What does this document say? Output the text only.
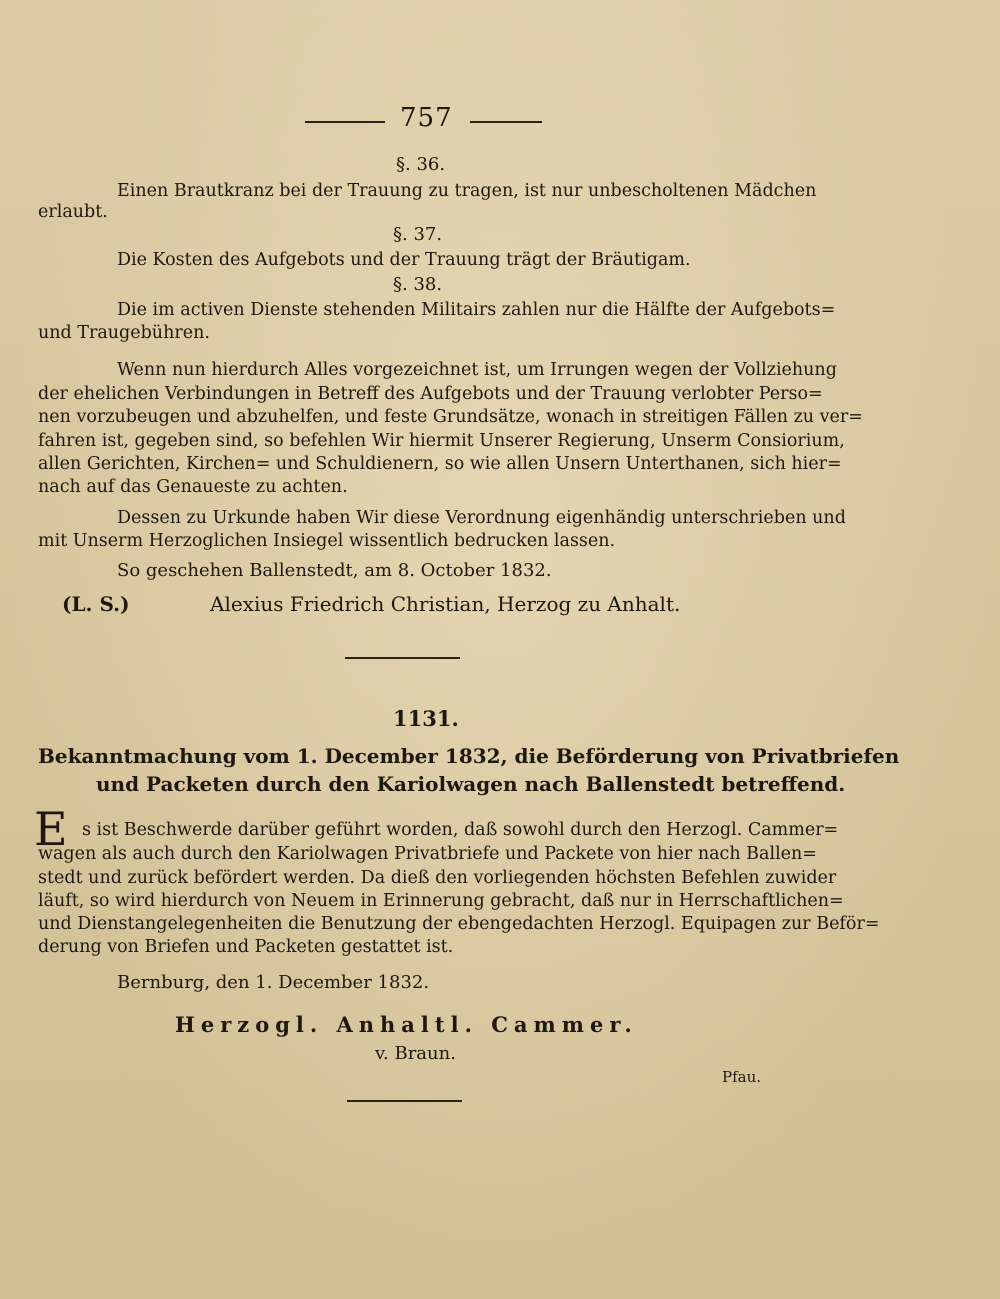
757
§. 36.
Einen Brautkranz bei der Trauung zu tragen, ist nur unbescholtenen Mädchen
erlaubt.
§. 37.
Die Kosten des Aufgebots und der Trauung trägt der Bräutigam.
§. 38.
Die im activen Dienste stehenden Militairs zahlen nur die Hälfte der Aufgebots=
und Traugebühren.
Wenn nun hierdurch Alles vorgezeichnet ist, um Irrungen wegen der Vollziehung
der ehelichen Verbindungen in Betreff des Aufgebots und der Trauung verlobter Perso=
nen vorzubeugen und abzuhelfen, und feste Grundsätze, wonach in streitigen Fällen zu ver=
fahren ist, gegeben sind, so befehlen Wir hiermit Unserer Regierung, Unserm Consiorium,
allen Gerichten, Kirchen= und Schuldienern, so wie allen Unsern Unterthanen, sich hier=
nach auf das Genaueste zu achten.
Dessen zu Urkunde haben Wir diese Verordnung eigenhändig unterschrieben und
mit Unserm Herzoglichen Insiegel wissentlich bedrucken lassen.
So geschehen Ballenstedt, am 8. October 1832.
(L. S.)	Alexius Friedrich Christian, Herzog zu Anhalt.
1131.
Bekanntmachung vom 1. December 1832, die Beförderung von Privatbriefen
und Packeten durch den Kariolwagen nach Ballenstedt betreffend.
E s ist Beschwerde darüber geführt worden, daß sowohl durch den Herzogl. Cammer=
wagen als auch durch den Kariolwagen Privatbriefe und Packete von hier nach Ballen=
stedt und zurück befördert werden. Da dieß den vorliegenden höchsten Befehlen zuwider
läuft, so wird hierdurch von Neuem in Erinnerung gebracht, daß nur in Herrschaftlichen=
und Dienstangelegenheiten die Benutzung der ebengedachten Herzogl. Equipagen zur Beför=
derung von Briefen und Packeten gestattet ist.
Bernburg, den 1. December 1832.
Herzogl. Anhaltl. Cammer.
v. Braun.
Pfau.
